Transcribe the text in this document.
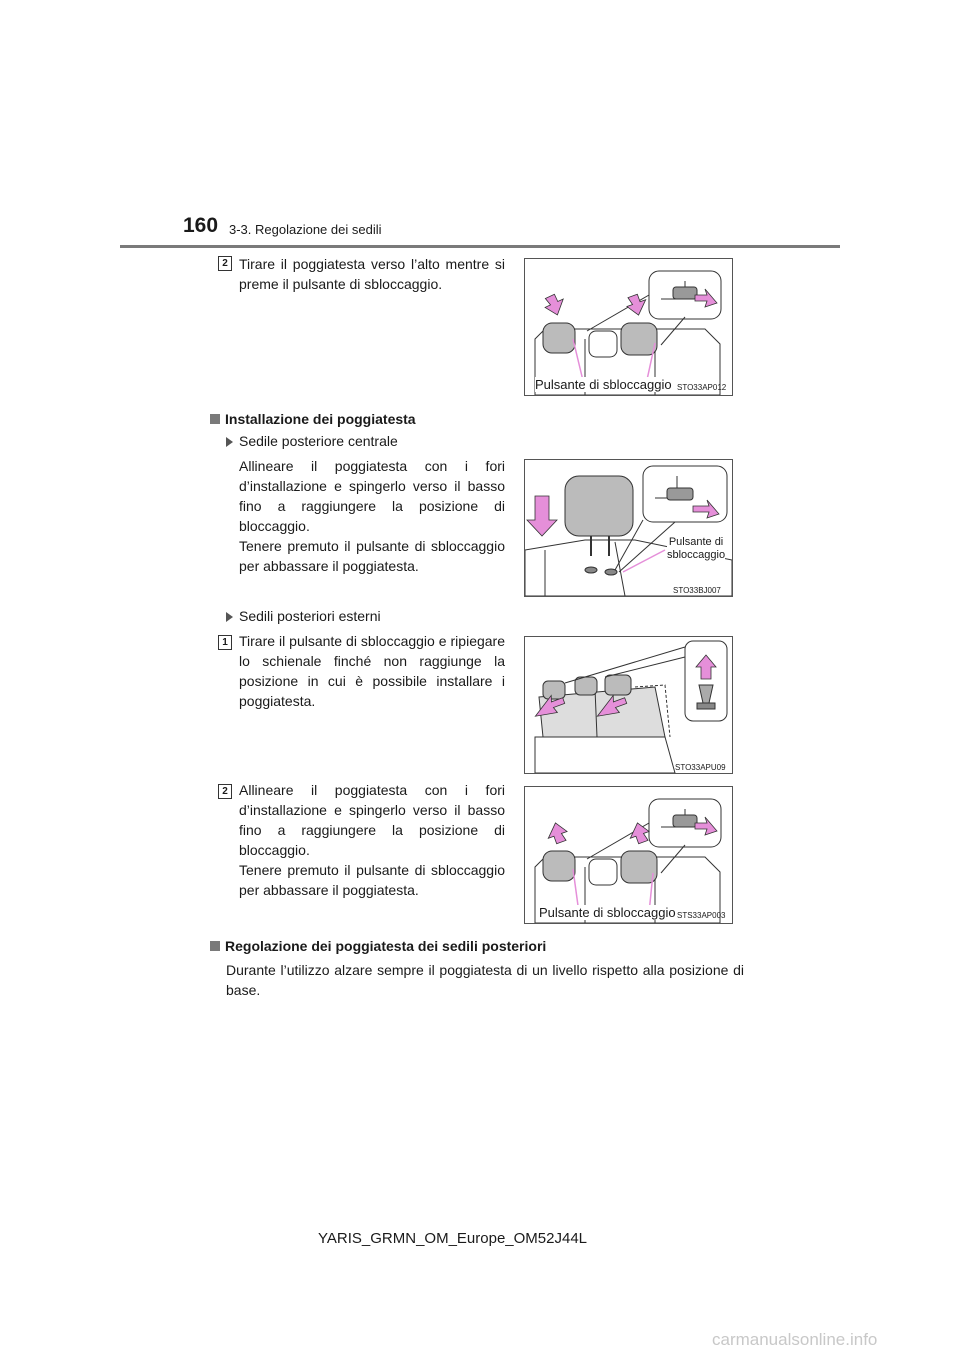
160 3-3. Regolazione dei sedili
2 Tirare il poggiatesta verso l’alto mentre si preme il pulsante di sbloccaggio.
Pulsante di sbloccaggio STO33AP012
Installazione dei poggiatesta
Sedile posteriore centrale
Allineare il poggiatesta con i fori d’installazione e spingerlo verso il basso fino a raggiungere la posizione di bloccaggio.
Tenere premuto il pulsante di sbloccaggio per abbassare il poggiatesta.
Pulsante di
sbloccaggio
STO33BJ007
Sedili posteriori esterni
1 Tirare il pulsante di sbloccaggio e ripiegare lo schienale finché non raggiunge la posizione in cui è possibile installare i poggiatesta.
STO33APU09
2 Allineare il poggiatesta con i fori d’installazione e spingerlo verso il basso fino a raggiungere la posizione di bloccaggio.
Tenere premuto il pulsante di sbloccaggio per abbassare il poggiatesta.
Pulsante di sbloccaggio STS33AP003
Regolazione dei poggiatesta dei sedili posteriori
Durante l’utilizzo alzare sempre il poggiatesta di un livello rispetto alla posizione di base.
YARIS_GRMN_OM_Europe_OM52J44L
carmanualsonline.info
